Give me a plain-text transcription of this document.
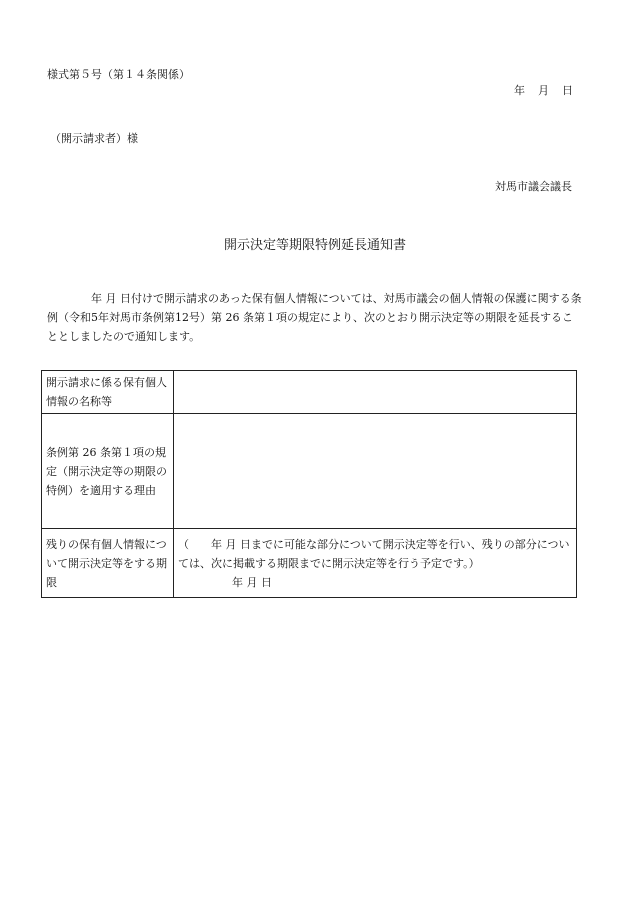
様式第５号（第１４条関係）
年　月　日
（開示請求者）様
対馬市議会議長
開示決定等期限特例延長通知書

年 月 日付けで開示請求のあった保有個人情報については、対馬市議会の個人情報の保護に関する条例（令和5年対馬市条例第12号）第 26 条第１項の規定により、次のとおり開示決定等の期限を延長することとしましたので通知します。

開示請求に係る保有個人情報の名称等	
条例第 26 条第１項の規定（開示決定等の期限の特例）を適用する理由	
残りの保有個人情報について開示決定等をする期限	（　　年 月 日までに可能な部分について開示決定等を行い、残りの部分については、次に掲載する期限までに開示決定等を行う予定です。）
年 月 日
